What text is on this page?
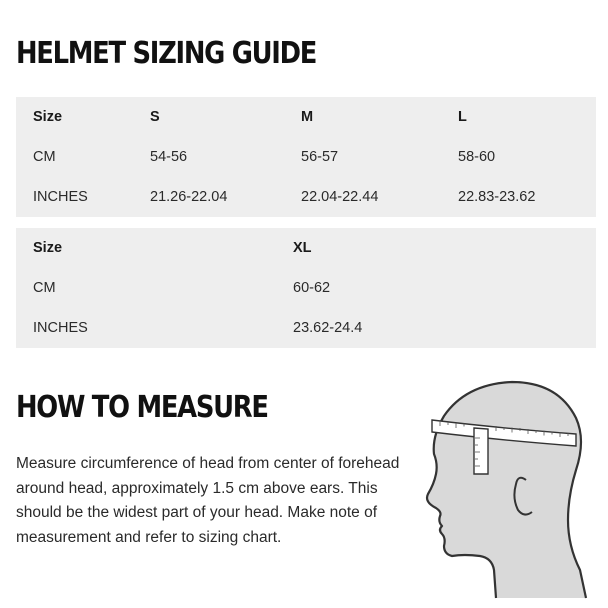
HELMET SIZING GUIDE
Size	S	M	L
CM	54-56	56-57	58-60
INCHES	21.26-22.04	22.04-22.44	22.83-23.62
Size	XL
CM	60-62
INCHES	23.62-24.4
HOW TO MEASURE

Measure circumference of head from center of forehead around head, approximately 1.5 cm above ears. This should be the widest part of your head. Make note of measurement and refer to sizing chart.
